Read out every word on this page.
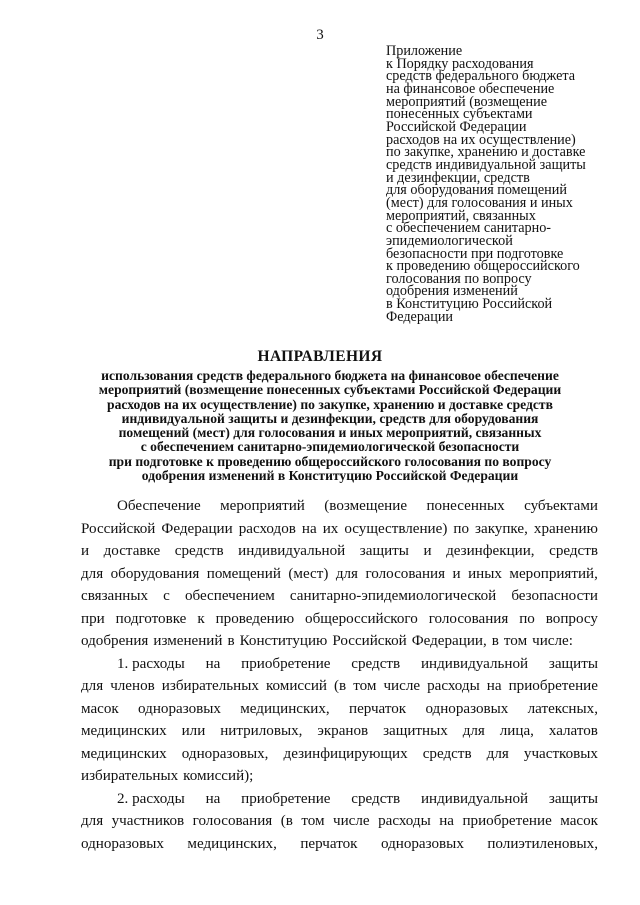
3
Приложение
к Порядку расходования
средств федерального бюджета
на финансовое обеспечение
мероприятий (возмещение
понесенных субъектами
Российской Федерации
расходов на их осуществление)
по закупке, хранению и доставке
средств индивидуальной защиты
и дезинфекции, средств
для оборудования помещений
(мест) для голосования и иных
мероприятий, связанных
с обеспечением санитарно-
эпидемиологической
безопасности при подготовке
к проведению общероссийского
голосования по вопросу
одобрения изменений
в Конституцию Российской
Федерации
НАПРАВЛЕНИЯ
использования средств федерального бюджета на финансовое обеспечение
мероприятий (возмещение понесенных субъектами Российской Федерации
расходов на их осуществление) по закупке, хранению и доставке средств
индивидуальной защиты и дезинфекции, средств для оборудования
помещений (мест) для голосования и иных мероприятий, связанных
с обеспечением санитарно-эпидемиологической безопасности
при подготовке к проведению общероссийского голосования по вопросу
одобрения изменений в Конституцию Российской Федерации
Обеспечение мероприятий (возмещение понесенных субъектами
Российской Федерации расходов на их осуществление) по закупке, хранению
и доставке средств индивидуальной защиты и дезинфекции, средств
для оборудования помещений (мест) для голосования и иных мероприятий,
связанных с обеспечением санитарно-эпидемиологической безопасности
при подготовке к проведению общероссийского голосования по вопросу
одобрения изменений в Конституцию Российской Федерации, в том числе:
1. расходы на приобретение средств индивидуальной защиты
для членов избирательных комиссий (в том числе расходы на приобретение
масок одноразовых медицинских, перчаток одноразовых латексных,
медицинских или нитриловых, экранов защитных для лица, халатов
медицинских одноразовых, дезинфицирующих средств для участковых
избирательных комиссий);
2. расходы на приобретение средств индивидуальной защиты
для участников голосования (в том числе расходы на приобретение масок
одноразовых медицинских, перчаток одноразовых полиэтиленовых,
